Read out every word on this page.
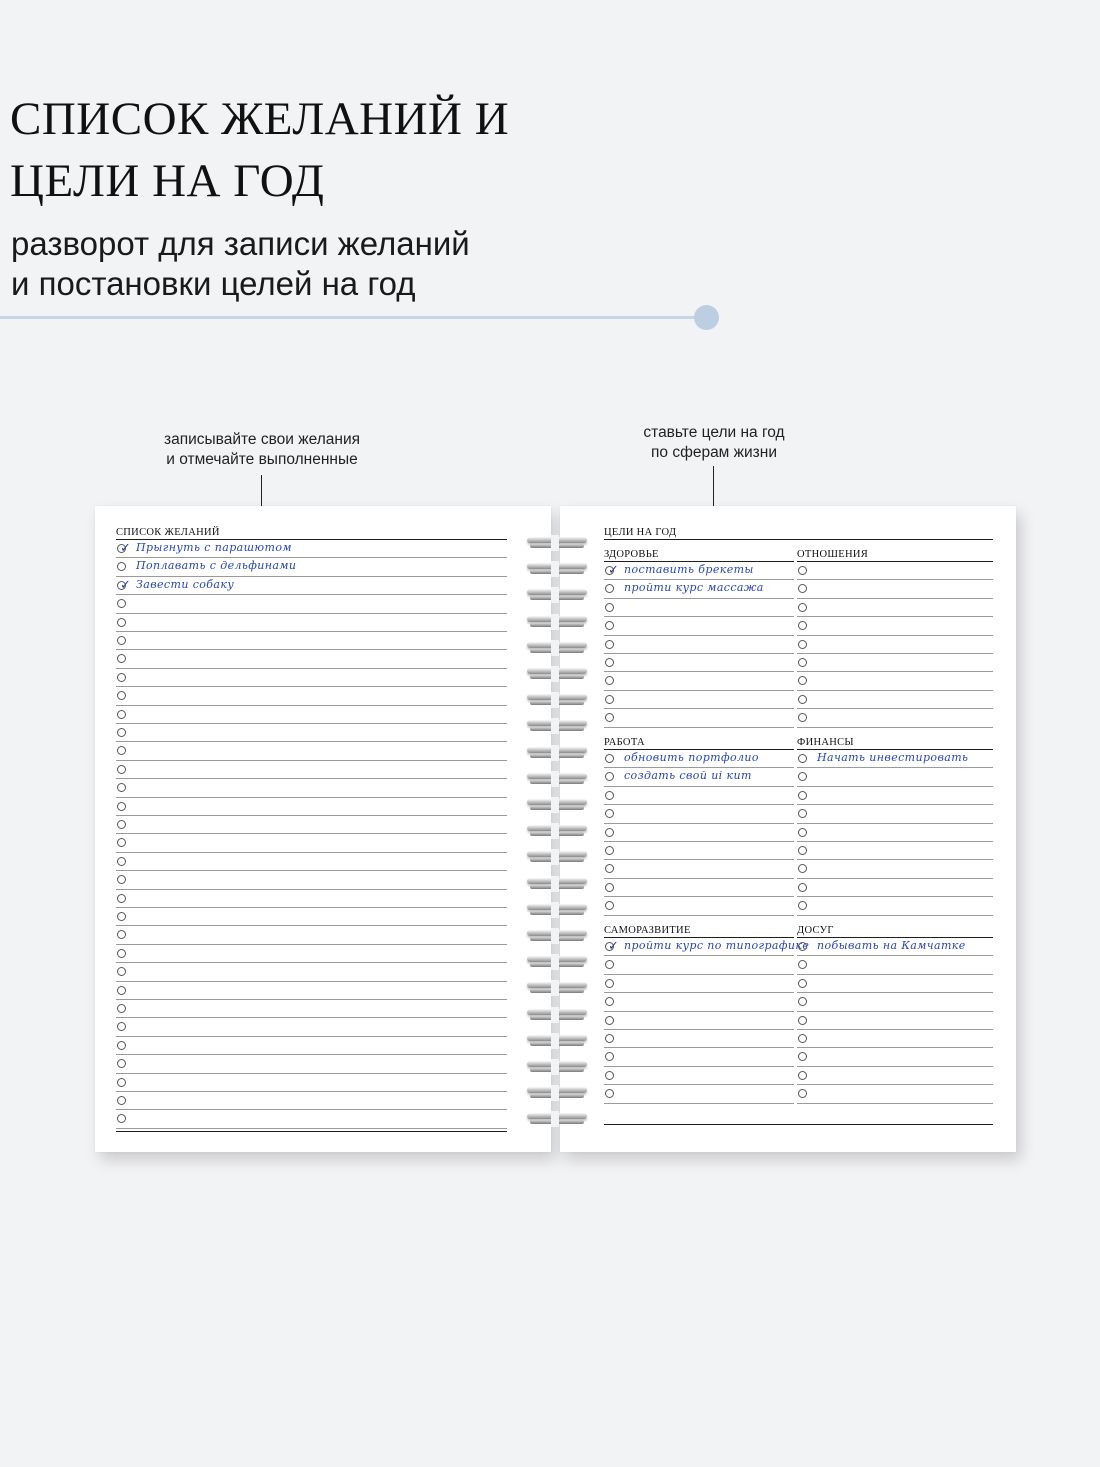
СПИСОК ЖЕЛАНИЙ И
ЦЕЛИ НА ГОД
разворот для записи желаний
и постановки целей на год
записывайте свои желания
и отмечайте выполненные
ставьте цели на год
по сферам жизни
СПИСОК ЖЕЛАНИЙ
✓ Прыгнуть с парашютом
Поплавать с дельфинами
✓ Завести собаку
ЦЕЛИ НА ГОД
ЗДОРОВЬЕ
✓ поставить брекеты
пройти курс массажа
ОТНОШЕНИЯ
РАБОТА
обновить портфолио
создать свой ui кит
ФИНАНСЫ
Начать инвестировать
САМОРАЗВИТИЕ
✓ пройти курс по типографике
ДОСУГ
побывать на Камчатке
